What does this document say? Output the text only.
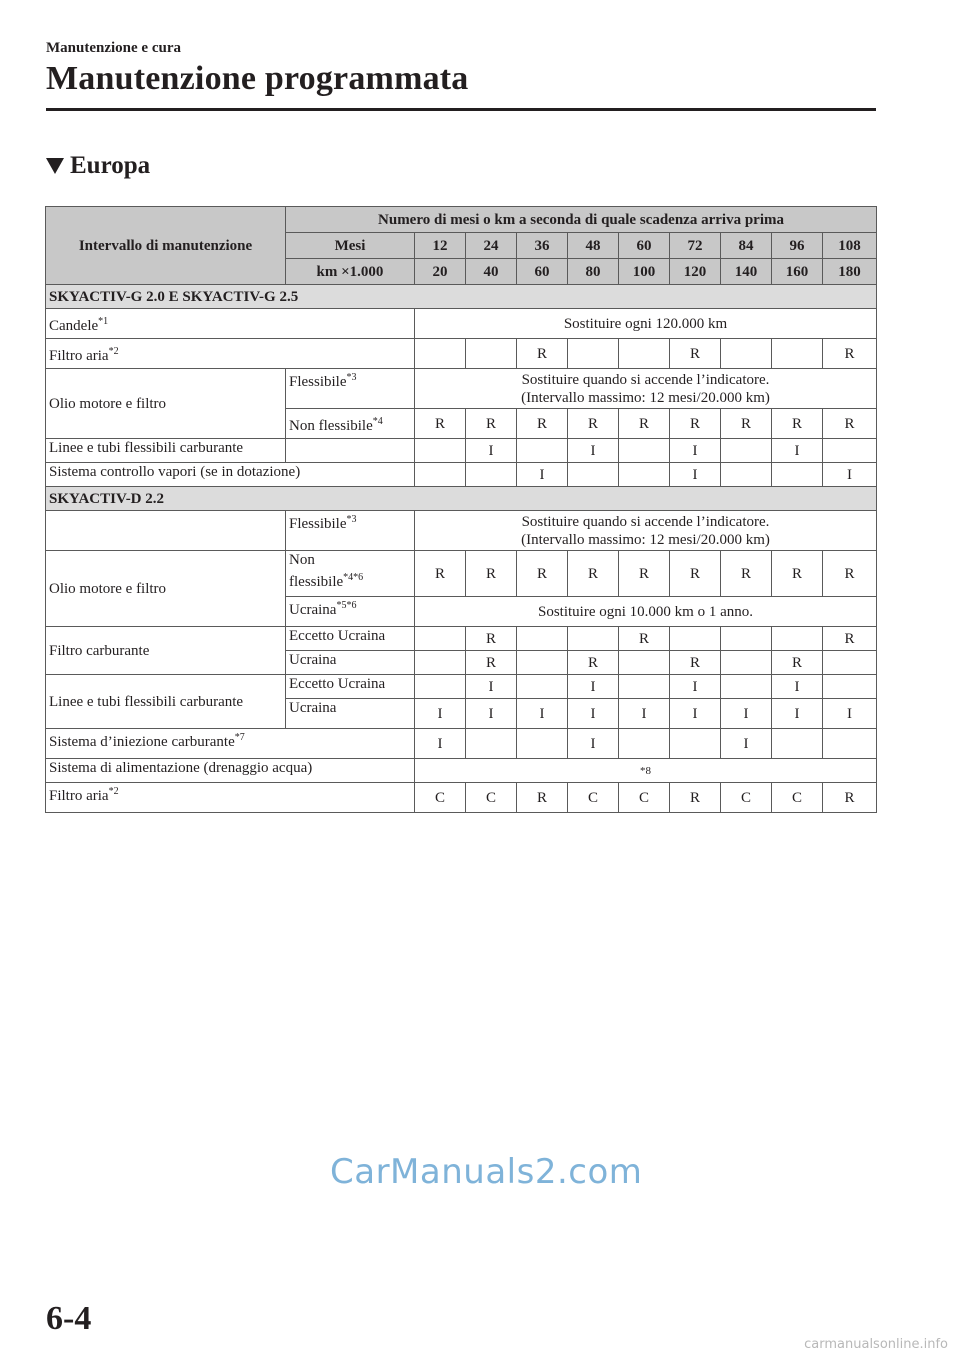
Manutenzione e cura
Manutenzione programmata
Europa
Intervallo di manutenzione	Numero di mesi o km a seconda di quale scadenza arriva prima									
	Mesi	12	24	36	48	60	72	84	96	108
	km ×1.000	20	40	60	80	100	120	140	160	180
SKYACTIV-G 2.0 E SKYACTIV-G 2.5										
Candele$^{*1}$		Sostituire ogni 120.000 km								
Filtro aria$^{*2}$				R			R			R
Olio motore e filtro	Flessibile$^{*3}$	Sostituire quando si accende l’indicatore.
(Intervallo massimo: 12 mesi/20.000 km)								
	Non flessibile$^{*4}$	R	R	R	R	R	R	R	R	R
Linee e tubi flessibili carburante			I		I		I		I	
Sistema controllo vapori (se in dotazione)				I			I			I
SKYACTIV-D 2.2										
	Flessibile$^{*3}$	Sostituire quando si accende l’indicatore.
(Intervallo massimo: 12 mesi/20.000 km)								
Olio motore e filtro	Non
flessibile$^{*4*6}$	R	R	R	R	R	R	R	R	R
	Ucraina$^{*5*6}$	Sostituire ogni 10.000 km o 1 anno.								
Filtro carburante	Eccetto Ucraina		R			R				R
	Ucraina		R		R		R		R	
Linee e tubi flessibili carburante	Eccetto Ucraina		I		I		I		I	
	Ucraina	I	I	I	I	I	I	I	I	I
Sistema d’iniezione carburante$^{*7}$		I			I			I		
Sistema di alimentazione (drenaggio acqua)		*8								
Filtro aria$^{*2}$		C	C	R	C	C	R	C	C	R
CarManuals2.com
6-4
carmanualsonline.info
